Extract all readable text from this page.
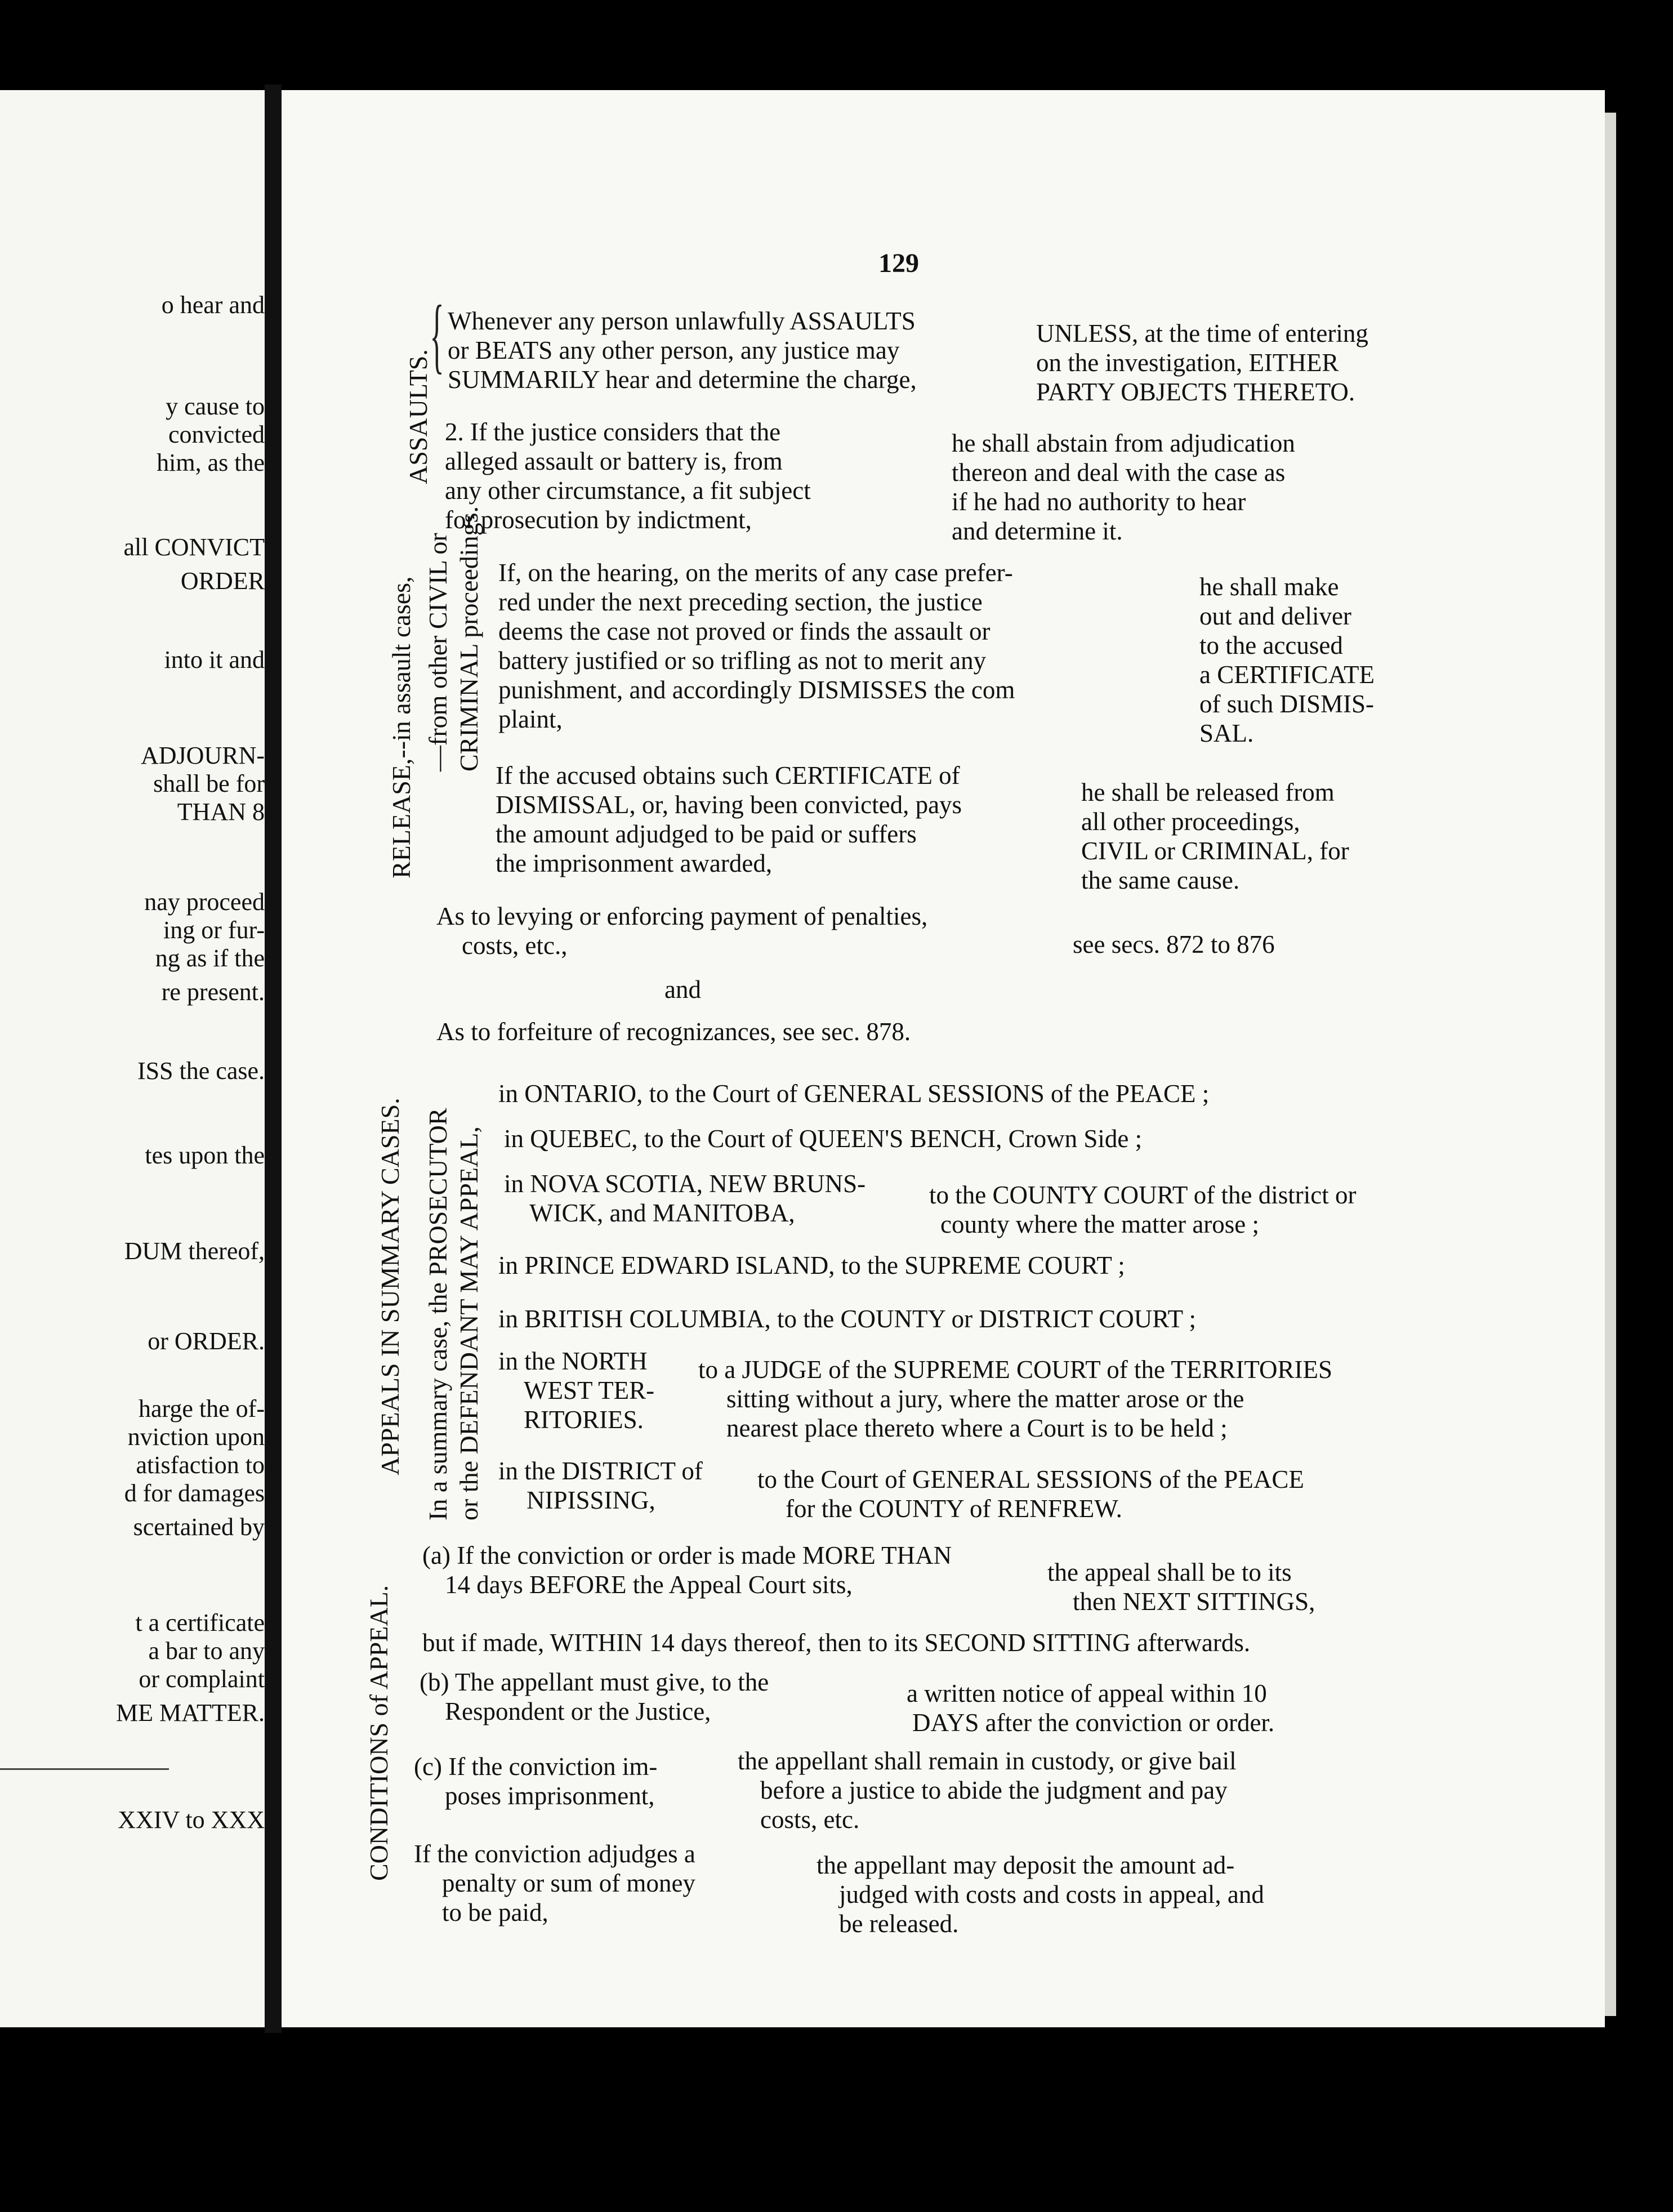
o hear and
y cause to
convicted
him, as the
all CONVICT
ORDER
into it and
ADJOURN-
shall be for
THAN 8
nay proceed
ing or fur-
ng as if the
re present.
ISS the case.
tes upon the
DUM thereof,
or ORDER.
harge the of-
nviction upon
atisfaction to
d for damages
scertained by
t a certificate
a bar to any
or complaint
ME MATTER.
XXIV to XXX
129
ASSAULTS.
{ Whenever any person unlawfully ASSAULTS
or BEATS any other person, any justice may
SUMMARILY hear and determine the charge,
UNLESS, at the time of entering
on the investigation, EITHER
PARTY OBJECTS THERETO.
2. If the justice considers that the
alleged assault or battery is, from
any other circumstance, a fit subject
for prosecution by indictment,
he shall abstain from adjudication
thereon and deal with the case as
if he had no authority to hear
and determine it.
RELEASE,--in assault cases, —from other CIVIL or CRIMINAL proceedings. If, on the hearing, on the merits of any case prefer-
red under the next preceding section, the justice
deems the case not proved or finds the assault or
battery justified or so trifling as not to merit any
punishment, and accordingly DISMISSES the com
plaint,
he shall make
out and deliver
to the accused
a CERTIFICATE
of such DISMIS-
SAL.
If the accused obtains such CERTIFICATE of
DISMISSAL, or, having been convicted, pays
the amount adjudged to be paid or suffers
the imprisonment awarded,
he shall be released from
all other proceedings,
CIVIL or CRIMINAL, for
the same cause.
As to levying or enforcing payment of penalties,
costs, etc.,	see secs. 872 to 876
and
As to forfeiture of recognizances, see sec. 878.
APPEALS IN SUMMARY CASES. In a summary case, the PROSECUTOR or the DEFENDANT MAY APPEAL,
in ONTARIO, to the Court of GENERAL SESSIONS of the PEACE ;
in QUEBEC, to the Court of QUEEN'S BENCH, Crown Side ;
in NOVA SCOTIA, NEW BRUNS-
WICK, and MANITOBA,
to the COUNTY COURT of the district or
county where the matter arose ;
in PRINCE EDWARD ISLAND, to the SUPREME COURT ;
in BRITISH COLUMBIA, to the COUNTY or DISTRICT COURT ;
in the NORTH
WEST TER-
RITORIES.
to a JUDGE of the SUPREME COURT of the TERRITORIES
sitting without a jury, where the matter arose or the
nearest place thereto where a Court is to be held ;
in the DISTRICT of
NIPISSING,
to the Court of GENERAL SESSIONS of the PEACE
for the COUNTY of RENFREW.
CONDITIONS of APPEAL.
(a) If the conviction or order is made MORE THAN
14 days BEFORE the Appeal Court sits,	the appeal shall be to its
then NEXT SITTINGS,
but if made, WITHIN 14 days thereof, then to its SECOND SITTING afterwards.
(b) The appellant must give, to the
Respondent or the Justice,
a written notice of appeal within 10
DAYS after the conviction or order.
(c) If the conviction im-
poses imprisonment,
the appellant shall remain in custody, or give bail
before a justice to abide the judgment and pay
costs, etc.
If the conviction adjudges a
penalty or sum of money
to be paid,
the appellant may deposit the amount ad-
judged with costs and costs in appeal, and
be released.
